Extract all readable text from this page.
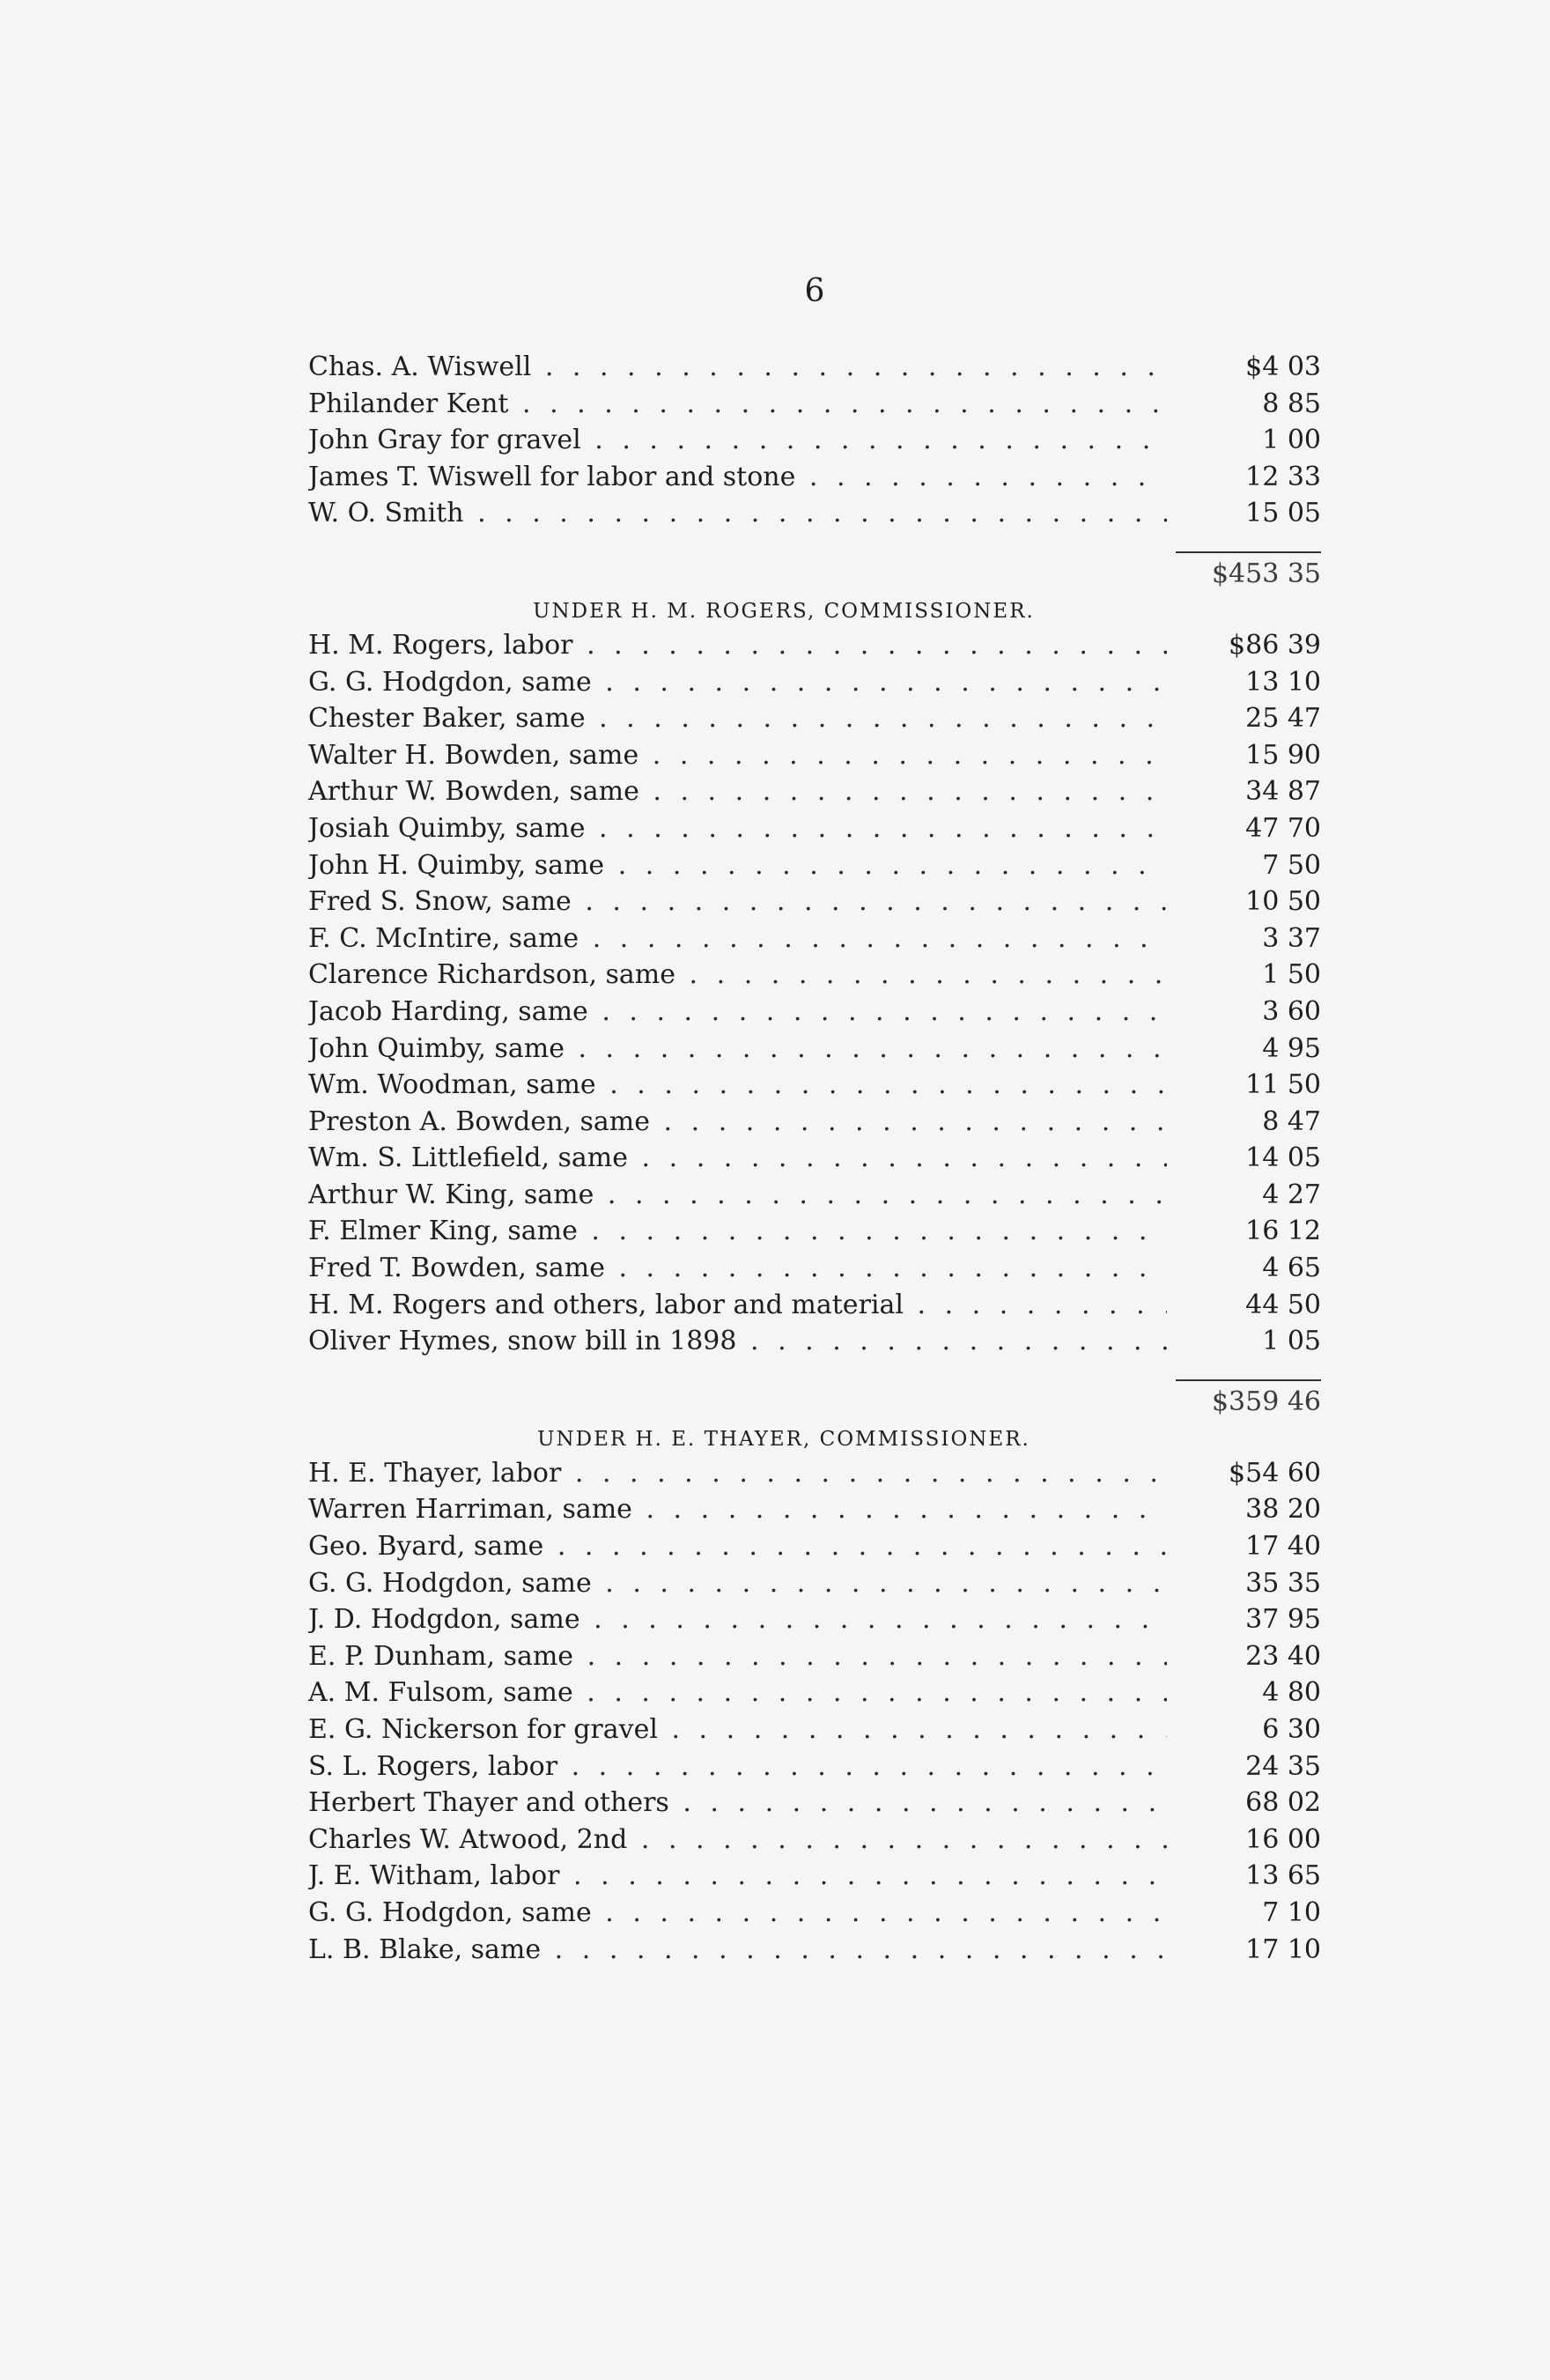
6
Chas. A. Wiswell . . .	$4 03
Philander Kent . . .	8 85
John Gray for gravel . . .	1 00
James T. Wiswell for labor and stone . . .	12 33
W. O. Smith . . .	15 05
$453 35
UNDER H. M. ROGERS, COMMISSIONER.
H. M. Rogers, labor . . .	$86 39
G. G. Hodgdon, same . . .	13 10
Chester Baker, same . . .	25 47
Walter H. Bowden, same . . .	15 90
Arthur W. Bowden, same . . .	34 87
Josiah Quimby, same . . .	47 70
John H. Quimby, same . . .	7 50
Fred S. Snow, same . . .	10 50
F. C. McIntire, same . . .	3 37
Clarence Richardson, same . . .	1 50
Jacob Harding, same . . .	3 60
John Quimby, same . . .	4 95
Wm. Woodman, same . . .	11 50
Preston A. Bowden, same . . .	8 47
Wm. S. Littlefield, same . . .	14 05
Arthur W. King, same . . .	4 27
F. Elmer King, same . . .	16 12
Fred T. Bowden, same . . .	4 65
H. M. Rogers and others, labor and material . . .	44 50
Oliver Hymes, snow bill in 1898 . . .	1 05
$359 46
UNDER H. E. THAYER, COMMISSIONER.
H. E. Thayer, labor . . .	$54 60
Warren Harriman, same . . .	38 20
Geo. Byard, same . . .	17 40
G. G. Hodgdon, same . . .	35 35
J. D. Hodgdon, same . . .	37 95
E. P. Dunham, same . . .	23 40
A. M. Fulsom, same . . .	4 80
E. G. Nickerson for gravel . . .	6 30
S. L. Rogers, labor . . .	24 35
Herbert Thayer and others . . .	68 02
Charles W. Atwood, 2nd . . .	16 00
J. E. Witham, labor . . .	13 65
G. G. Hodgdon, same . . .	7 10
L. B. Blake, same . . .	17 10
